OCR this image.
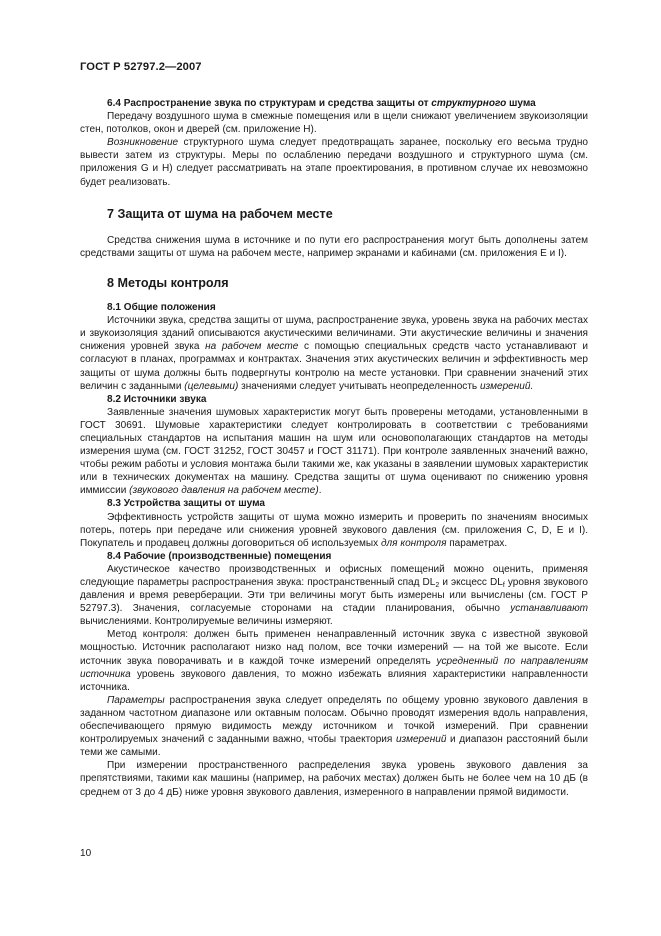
ГОСТ Р 52797.2—2007

6.4 Распространение звука по структурам и средства защиты от структурного шума

Передачу воздушного шума в смежные помещения или в щели снижают увеличением звукоизоляции стен, потолков, окон и дверей (см. приложение H).

Возникновение структурного шума следует предотвращать заранее, поскольку его весьма трудно вывести затем из структуры. Меры по ослаблению передачи воздушного и структурного шума (см. приложения G и H) следует рассматривать на этапе проектирования, в противном случае их невозможно будет реализовать.

7 Защита от шума на рабочем месте

Средства снижения шума в источнике и по пути его распространения могут быть дополнены затем средствами защиты от шума на рабочем месте, например экранами и кабинами (см. приложения E и I).

8 Методы контроля

8.1 Общие положения

Источники звука, средства защиты от шума, распространение звука, уровень звука на рабочих местах и звукоизоляция зданий описываются акустическими величинами. Эти акустические величины и значения снижения уровней звука на рабочем месте с помощью специальных средств часто устанавливают и согласуют в планах, программах и контрактах. Значения этих акустических величин и эффективность мер защиты от шума должны быть подвергнуты контролю на месте установки. При сравнении значений этих величин с заданными (целевыми) значениями следует учитывать неопределенность измерений.

8.2 Источники звука

Заявленные значения шумовых характеристик могут быть проверены методами, установленными в ГОСТ 30691. Шумовые характеристики следует контролировать в соответствии с требованиями специальных стандартов на испытания машин на шум или основополагающих стандартов на методы измерения шума (см. ГОСТ 31252, ГОСТ 30457 и ГОСТ 31171). При контроле заявленных значений важно, чтобы режим работы и условия монтажа были такими же, как указаны в заявлении шумовых характеристик или в технических документах на машину. Средства защиты от шума оценивают по снижению уровня иммиссии (звукового давления на рабочем месте).

8.3 Устройства защиты от шума

Эффективность устройств защиты от шума можно измерить и проверить по значениям вносимых потерь, потерь при передаче или снижения уровней звукового давления (см. приложения C, D, E и I). Покупатель и продавец должны договориться об используемых для контроля параметрах.

8.4 Рабочие (производственные) помещения

Акустическое качество производственных и офисных помещений можно оценить, применяя следующие параметры распространения звука: пространственный спад $DL_2$ и эксцесс $DL_f$ уровня звукового давления и время реверберации. Эти три величины могут быть измерены или вычислены (см. ГОСТ Р 52797.3). Значения, согласуемые сторонами на стадии планирования, обычно устанавливают вычислениями. Контролируемые величины измеряют.

Метод контроля: должен быть применен ненаправленный источник звука с известной звуковой мощностью. Источник располагают низко над полом, все точки измерений — на той же высоте. Если источник звука поворачивать и в каждой точке измерений определять усредненный по направлениям источника уровень звукового давления, то можно избежать влияния характеристики направленности источника.

Параметры распространения звука следует определять по общему уровню звукового давления в заданном частотном диапазоне или октавным полосам. Обычно проводят измерения вдоль направления, обеспечивающего прямую видимость между источником и точкой измерений. При сравнении контролируемых значений с заданными важно, чтобы траектория измерений и диапазон расстояний были теми же самыми.

При измерении пространственного распределения звука уровень звукового давления за препятствиями, такими как машины (например, на рабочих местах) должен быть не более чем на 10 дБ (в среднем от 3 до 4 дБ) ниже уровня звукового давления, измеренного в направлении прямой видимости.

10
